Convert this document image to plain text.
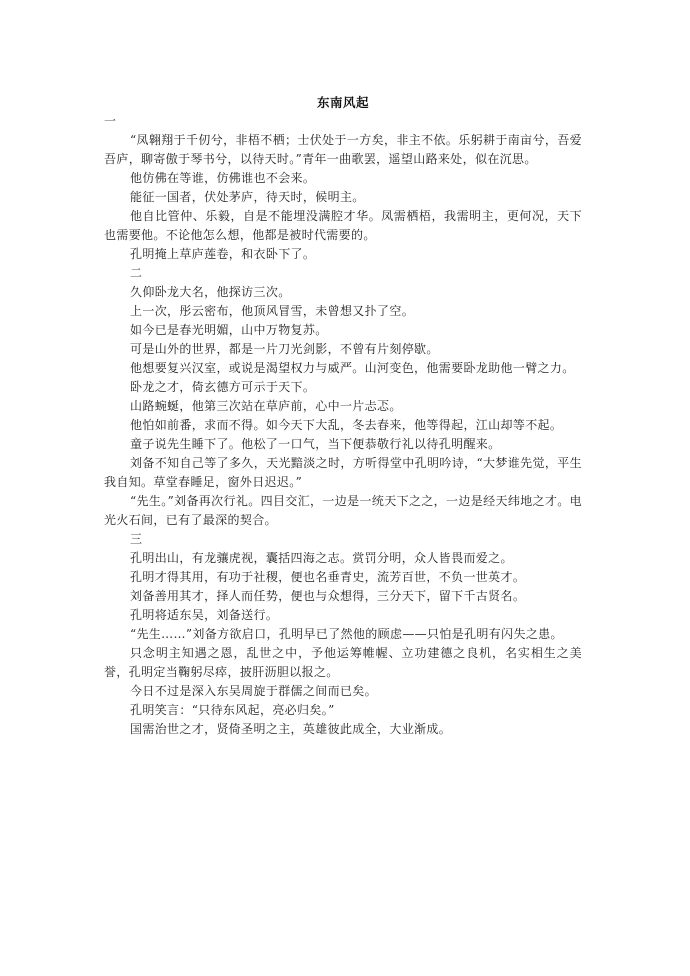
东南风起

一

“凤翱翔于千仞兮，非梧不栖；士伏处于一方矣，非主不依。乐躬耕于南亩兮，吾爱吾庐，聊寄傲于琴书兮，以待天时。”青年一曲歌罢，遥望山路来处，似在沉思。

他仿佛在等谁，仿佛谁也不会来。

能征一国者，伏处茅庐，待天时，候明主。

他自比管仲、乐毅，自是不能埋没满腔才华。凤需栖梧，我需明主，更何况，天下也需要他。不论他怎么想，他都是被时代需要的。

孔明掩上草庐莲卷，和衣卧下了。

二

久仰卧龙大名，他探访三次。

上一次，彤云密布，他顶风冒雪，未曾想又扑了空。

如今已是春光明媚，山中万物复苏。

可是山外的世界，都是一片刀光剑影，不曾有片刻停歇。

他想要复兴汉室，或说是渴望权力与威严。山河变色，他需要卧龙助他一臂之力。

卧龙之才，倚玄德方可示于天下。

山路蜿蜒，他第三次站在草庐前，心中一片忐忑。

他怕如前番，求而不得。如今天下大乱，冬去春来，他等得起，江山却等不起。

童子说先生睡下了。他松了一口气，当下便恭敬行礼以待孔明醒来。

刘备不知自己等了多久，天光黯淡之时，方听得堂中孔明吟诗，“大梦谁先觉，平生我自知。草堂春睡足，窗外日迟迟。”

“先生。”刘备再次行礼。四目交汇，一边是一统天下之之，一边是经天纬地之才。电光火石间，已有了最深的契合。

三

孔明出山，有龙骧虎视，囊括四海之志。赏罚分明，众人皆畏而爱之。

孔明才得其用，有功于社稷，便也名垂青史，流芳百世，不负一世英才。

刘备善用其才，择人而任势，便也与众想得，三分天下，留下千古贤名。

孔明将适东吴，刘备送行。

“先生……”刘备方欲启口，孔明早已了然他的顾虑——只怕是孔明有闪失之患。

只念明主知遇之恩，乱世之中，予他运筹帷幄、立功建德之良机，名实相生之美誉，孔明定当鞠躬尽瘁，披肝沥胆以报之。

今日不过是深入东吴周旋于群儒之间而已矣。

孔明笑言：“只待东风起，亮必归矣。”

国需治世之才，贤倚圣明之主，英雄彼此成全，大业渐成。
